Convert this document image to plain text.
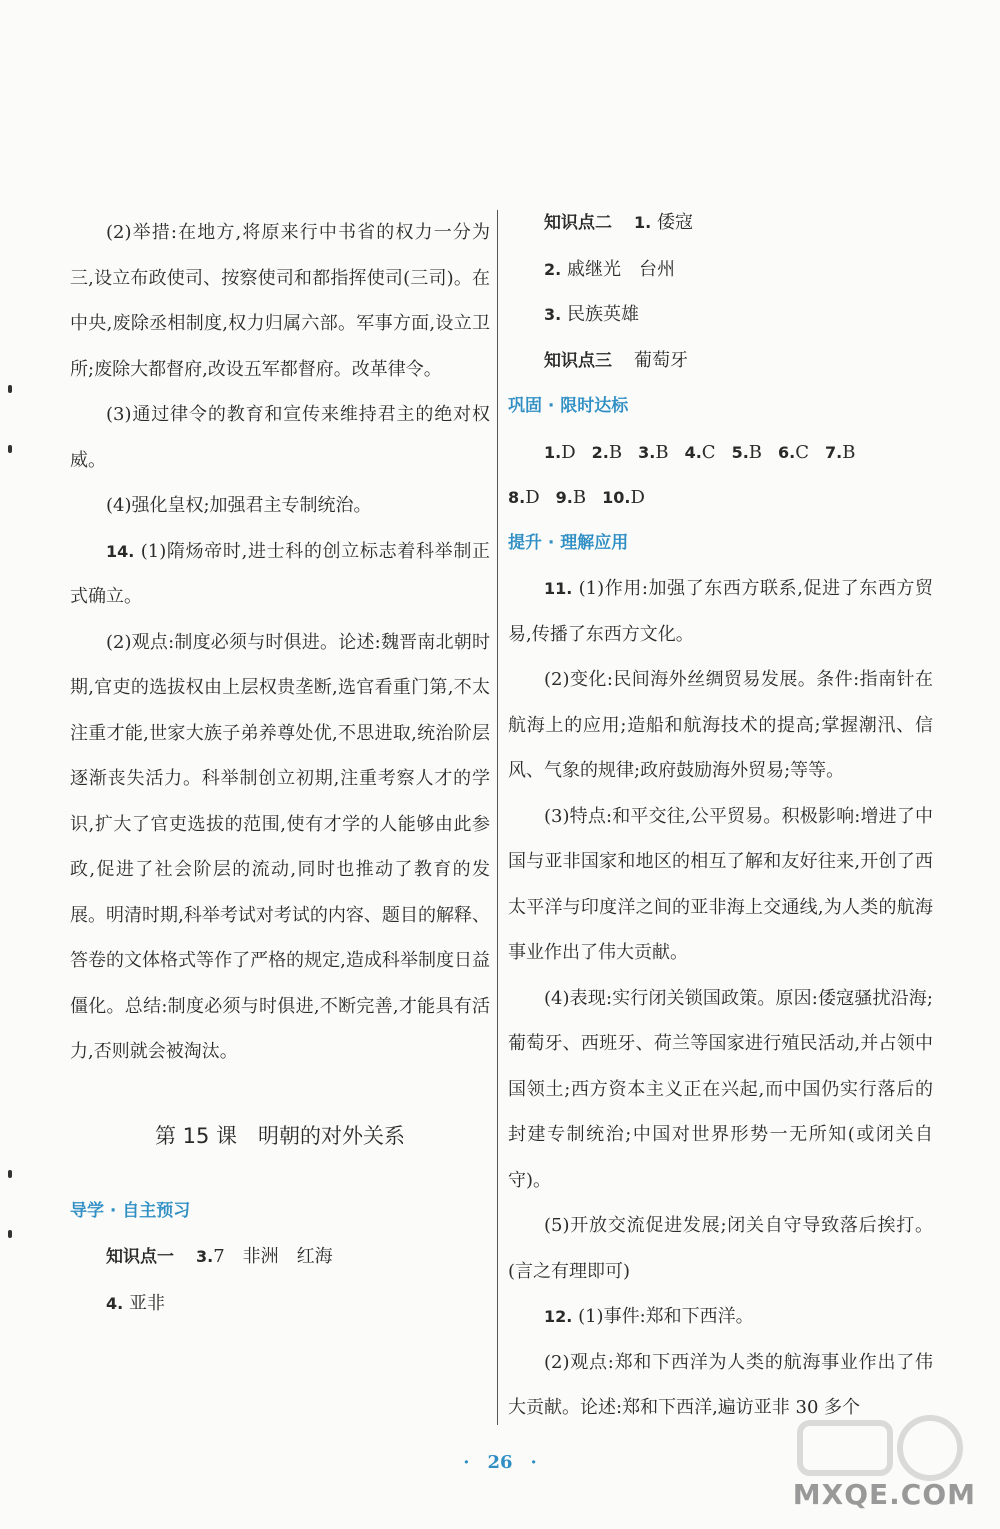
(2)举措:在地方,将原来行中书省的权力一分为三,设立布政使司、按察使司和都指挥使司(三司)。在中央,废除丞相制度,权力归属六部。军事方面,设立卫所;废除大都督府,改设五军都督府。改革律令。

(3)通过律令的教育和宣传来维持君主的绝对权威。

(4)强化皇权;加强君主专制统治。

14. (1)隋炀帝时,进士科的创立标志着科举制正式确立。

(2)观点:制度必须与时俱进。论述:魏晋南北朝时期,官吏的选拔权由上层权贵垄断,选官看重门第,不太注重才能,世家大族子弟养尊处优,不思进取,统治阶层逐渐丧失活力。科举制创立初期,注重考察人才的学识,扩大了官吏选拔的范围,使有才学的人能够由此参政,促进了社会阶层的流动,同时也推动了教育的发展。明清时期,科举考试对考试的内容、题目的解释、答卷的文体格式等作了严格的规定,造成科举制度日益僵化。总结:制度必须与时俱进,不断完善,才能具有活力,否则就会被淘汰。

第 15 课　明朝的对外关系

导学 · 自主预习

知识点一 3.7　非洲　红海

4. 亚非

知识点二 1. 倭寇

2. 戚继光　台州

3. 民族英雄

知识点三 葡萄牙

巩固 · 限时达标

1.D 2.B 3.B 4.C 5.B 6.C 7.B

8.D 9.B 10.D

提升 · 理解应用

11. (1)作用:加强了东西方联系,促进了东西方贸易,传播了东西方文化。

(2)变化:民间海外丝绸贸易发展。条件:指南针在航海上的应用;造船和航海技术的提高;掌握潮汛、信风、气象的规律;政府鼓励海外贸易;等等。

(3)特点:和平交往,公平贸易。积极影响:增进了中国与亚非国家和地区的相互了解和友好往来,开创了西太平洋与印度洋之间的亚非海上交通线,为人类的航海事业作出了伟大贡献。

(4)表现:实行闭关锁国政策。原因:倭寇骚扰沿海;葡萄牙、西班牙、荷兰等国家进行殖民活动,并占领中国领土;西方资本主义正在兴起,而中国仍实行落后的封建专制统治;中国对世界形势一无所知(或闭关自守)。

(5)开放交流促进发展;闭关自守导致落后挨打。(言之有理即可)

12. (1)事件:郑和下西洋。

(2)观点:郑和下西洋为人类的航海事业作出了伟大贡献。论述:郑和下西洋,遍访亚非 30 多个

· 26 ·
MXQE.COM
